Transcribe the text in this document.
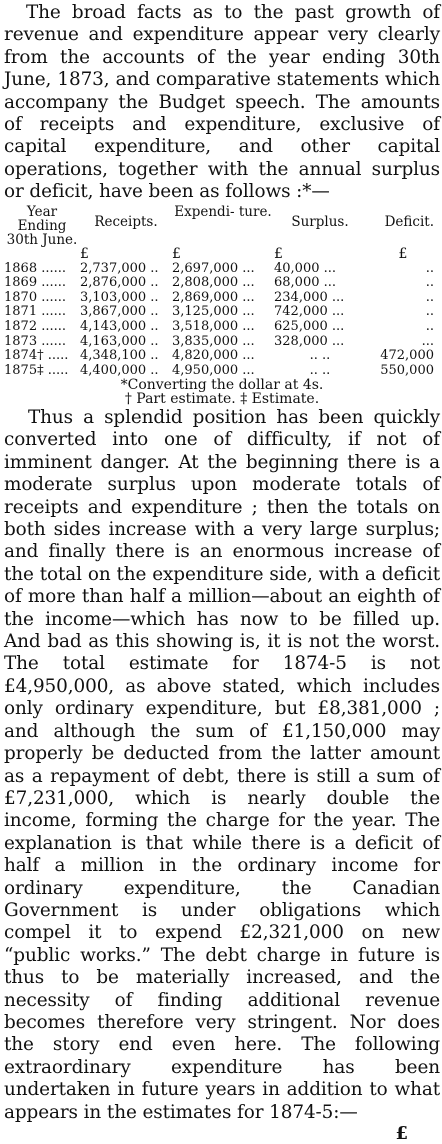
The broad facts as to the past growth of revenue and expenditure appear very clearly from the accounts of the year ending 30th June, 1873, and comparative statements which accompany the Budget speech. The amounts of receipts and expenditure, exclusive of capital expenditure, and other capital operations, together with the annual surplus or deficit, have been as follows :*—

Year Ending 30th June.	Receipts.	Expendi- ture.	Surplus.	Deficit.
	£	£	£	£
1868 ......	2,737,000 ..	2,697,000 ...	40,000 ...	..
1869 ......	2,876,000 ..	2,808,000 ...	68,000 ...	..
1870 ......	3,103,000 ..	2,869,000 ...	234,000 ...	..
1871 ......	3,867,000 ..	3,125,000 ...	742,000 ...	..
1872 ......	4,143,000 ..	3,518,000 ...	625,000 ...	..
1873 ......	4,163,000 ..	3,835,000 ...	328,000 ...	...
1874† .....	4,348,100 ..	4,820,000 ...	.. ..	472,000
1875‡ .....	4,400,000 ..	4,950,000 ...	.. ..	550,000
*Converting the dollar at 4s.
† Part estimate. ‡ Estimate.

Thus a splendid position has been quickly converted into one of difficulty, if not of imminent danger. At the beginning there is a moderate surplus upon moderate totals of receipts and expenditure ; then the totals on both sides increase with a very large surplus; and finally there is an enormous increase of the total on the expenditure side, with a deficit of more than half a million—about an eighth of the income—which has now to be filled up. And bad as this showing is, it is not the worst. The total estimate for 1874-5 is not £4,950,000, as above stated, which includes only ordinary expenditure, but £8,381,000 ; and although the sum of £1,150,000 may properly be deducted from the latter amount as a repayment of debt, there is still a sum of £7,231,000, which is nearly double the income, forming the charge for the year. The explanation is that while there is a deficit of half a million in the ordinary income for ordinary expenditure, the Canadian Government is under obligations which compel it to expend £2,321,000 on new “public works.” The debt charge in future is thus to be materially increased, and the necessity of finding additional revenue becomes therefore very stringent. Nor does the story end even here. The following extraordinary expenditure has been undertaken in future years in addition to what appears in the estimates for 1874-5:—

£
